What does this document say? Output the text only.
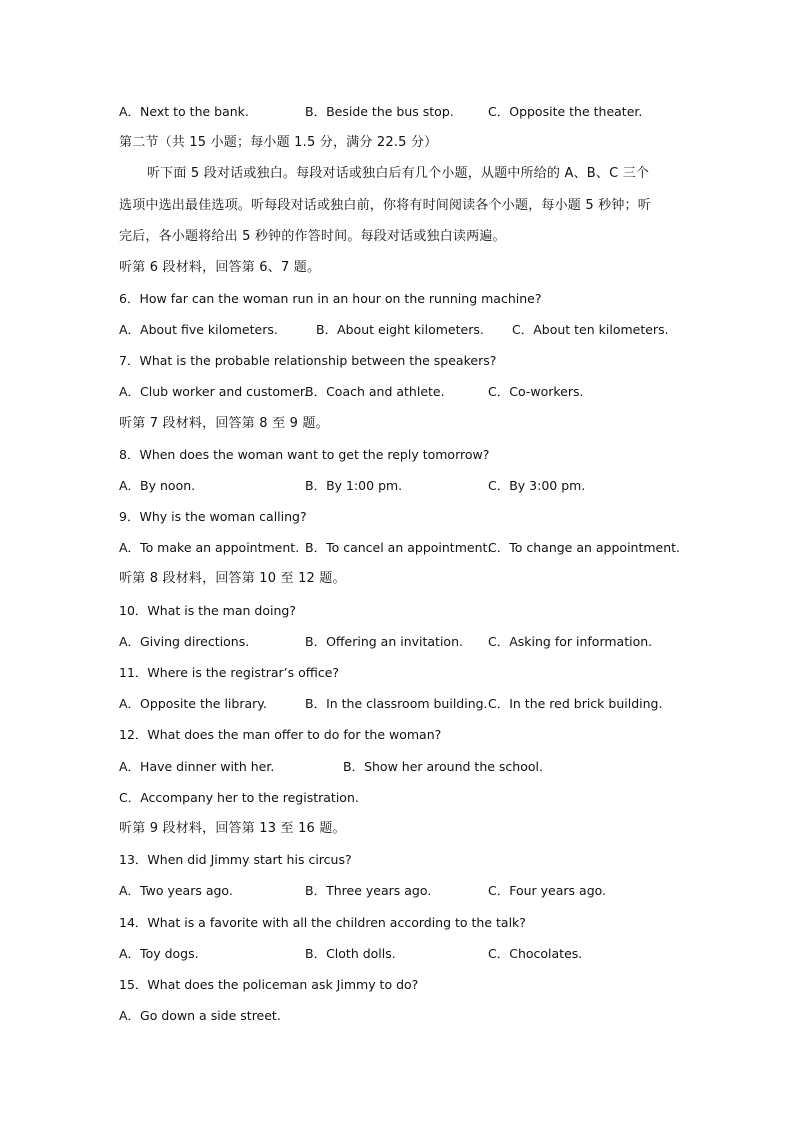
A．Next to the bank.	B．Beside the bus stop.	C．Opposite the theater.
第二节（共 15 小题；每小题 1.5 分，满分 22.5 分）
听下面 5 段对话或独白。每段对话或独白后有几个小题，从题中所给的 A、B、C 三个
选项中选出最佳选项。听每段对话或独白前，你将有时间阅读各个小题，每小题 5 秒钟；听
完后，各小题将给出 5 秒钟的作答时间。每段对话或独白读两遍。
听第 6 段材料，回答第 6、7 题。
6．How far can the woman run in an hour on the running machine?
A．About five kilometers.	B．About eight kilometers. C．About ten kilometers.
7．What is the probable relationship between the speakers?
A．Club worker and customer.
B．Coach and athlete.	C．Co-workers.
听第 7 段材料，回答第 8 至 9 题。
8．When does the woman want to get the reply tomorrow?
A．By noon.	B．By 1:00 pm.	C．By 3:00 pm.
9．Why is the woman calling?
A．To make an appointment. B．To cancel an appointment.
C．To change an appointment.
听第 8 段材料，回答第 10 至 12 题。
10．What is the man doing?
A．Giving directions.	B．Offering an invitation. C．Asking for information.
11．Where is the registrar’s office?
A．Opposite the library.	B．In the classroom building. C．In the red brick building.
12．What does the man offer to do for the woman?
A．Have dinner with her.	B．Show her around the school.
C．Accompany her to the registration.
听第 9 段材料，回答第 13 至 16 题。
13．When did Jimmy start his circus?
A．Two years ago.	B．Three years ago.	C．Four years ago.
14．What is a favorite with all the children according to the talk?
A．Toy dogs.	B．Cloth dolls.	C．Chocolates.
15．What does the policeman ask Jimmy to do?
A．Go down a side street.
